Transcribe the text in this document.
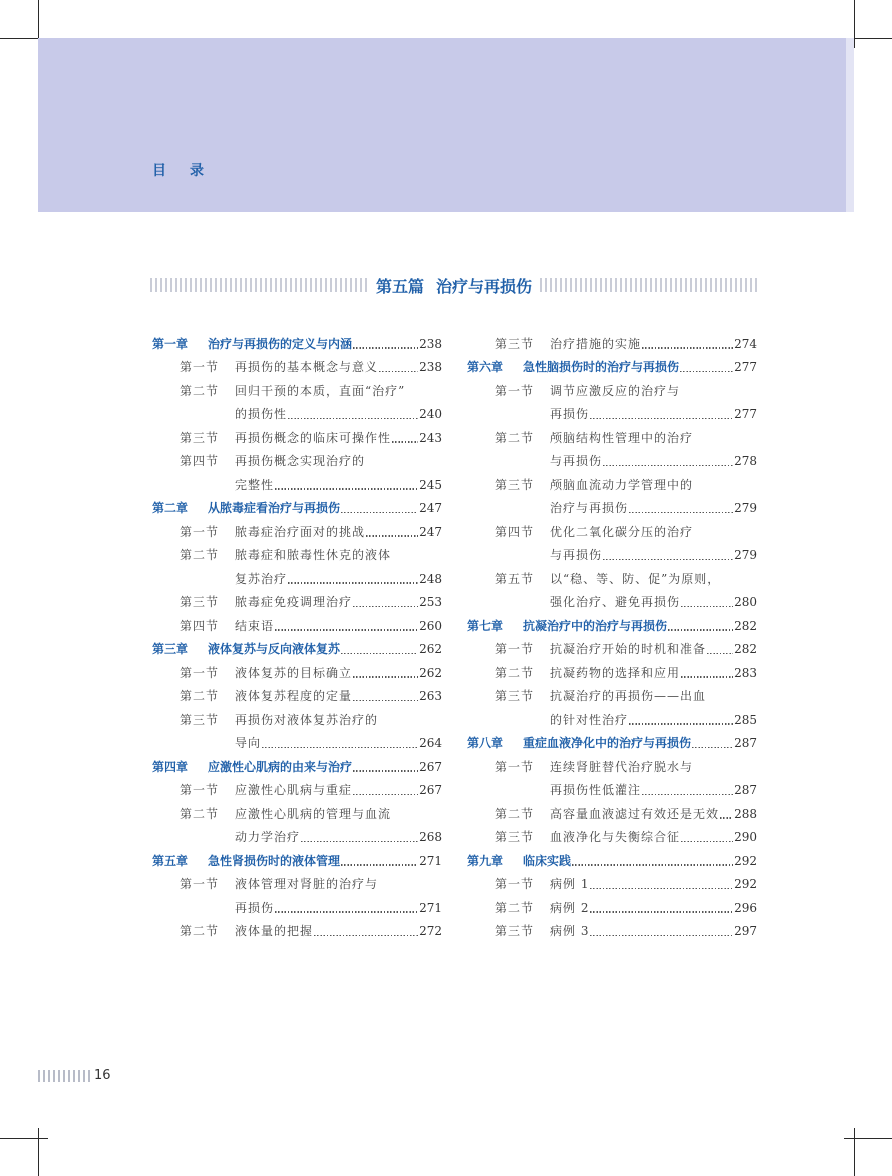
目 录
第五篇 治疗与再损伤
第一章	治疗与再损伤的定义与内涵	238
第一节	再损伤的基本概念与意义	238
第二节	回归干预的本质，直面“治疗”
的损伤性	240
第三节	再损伤概念的临床可操作性 243
第四节	再损伤概念实现治疗的
完整性	245
第二章	从脓毒症看治疗与再损伤	247
第一节	脓毒症治疗面对的挑战	247
第二节	脓毒症和脓毒性休克的液体
复苏治疗	248
第三节	脓毒症免疫调理治疗	253
第四节	结束语	260
第三章	液体复苏与反向液体复苏	262
第一节	液体复苏的目标确立	262
第二节	液体复苏程度的定量	263
第三节	再损伤对液体复苏治疗的
导向	264
第四章	应激性心肌病的由来与治疗	267
第一节	应激性心肌病与重症	267
第二节	应激性心肌病的管理与血流
动力学治疗	268
第五章	急性肾损伤时的液体管理	271
第一节	液体管理对肾脏的治疗与
再损伤	271
第二节	液体量的把握	272
第三节	治疗措施的实施	274
第六章	急性脑损伤时的治疗与再损伤	277
第一节	调节应激反应的治疗与
再损伤	277
第二节	颅脑结构性管理中的治疗
与再损伤	278
第三节	颅脑血流动力学管理中的
治疗与再损伤	279
第四节	优化二氧化碳分压的治疗
与再损伤	279
第五节	以“稳、等、防、促”为原则，
强化治疗、避免再损伤	280
第七章	抗凝治疗中的治疗与再损伤	282
第一节	抗凝治疗开始的时机和准备 282
第二节	抗凝药物的选择和应用	283
第三节	抗凝治疗的再损伤——出血
的针对性治疗	285
第八章	重症血液净化中的治疗与再损伤	287
第一节	连续肾脏替代治疗脱水与
再损伤性低灌注	287
第二节	高容量血液滤过有效还是无效 288
第三节	血液净化与失衡综合征	290
第九章	临床实践	292
第一节	病例 1	292
第二节	病例 2	296
第三节	病例 3	297
16
